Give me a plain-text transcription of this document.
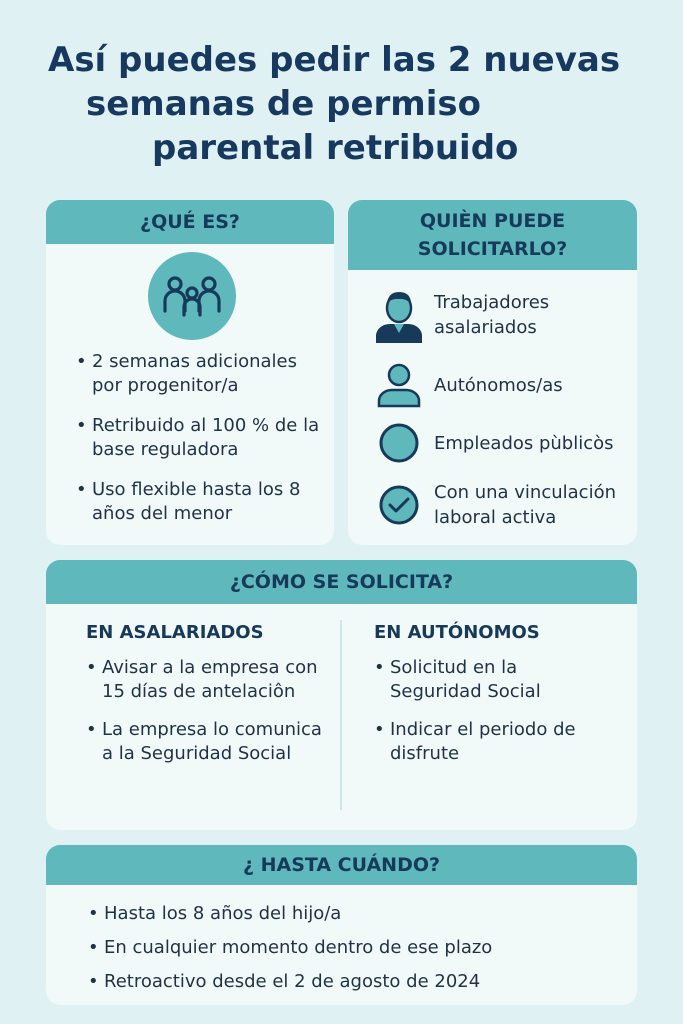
Así puedes pedir las 2 nuevas
semanas de permiso
parental retribuido
¿QUÉ ES?
• 2 semanas adicionales por progenitor/a
• Retribuido al 100 % de la base reguladora
• Uso flexible hasta los 8 años del menor
QUIÈN PUEDE SOLICITARLO?
Trabajadores asalariados
Autónomos/as
Empleados pùblicòs
Con una vinculación laboral activa
¿CÓMO SE SOLICITA?
EN ASALARIADOS
• Avisar a la empresa con 15 días de antelaciôn
• La empresa lo comunica a la Seguridad Social
EN AUTÓNOMOS
• Solicitud en la Seguridad Social
• Indicar el periodo de disfrute
¿ HASTA CUÁNDO?
• Hasta los 8 años del hijo/a
• En cualquier momento dentro de ese plazo
• Retroactivo desde el 2 de agosto de 2024
